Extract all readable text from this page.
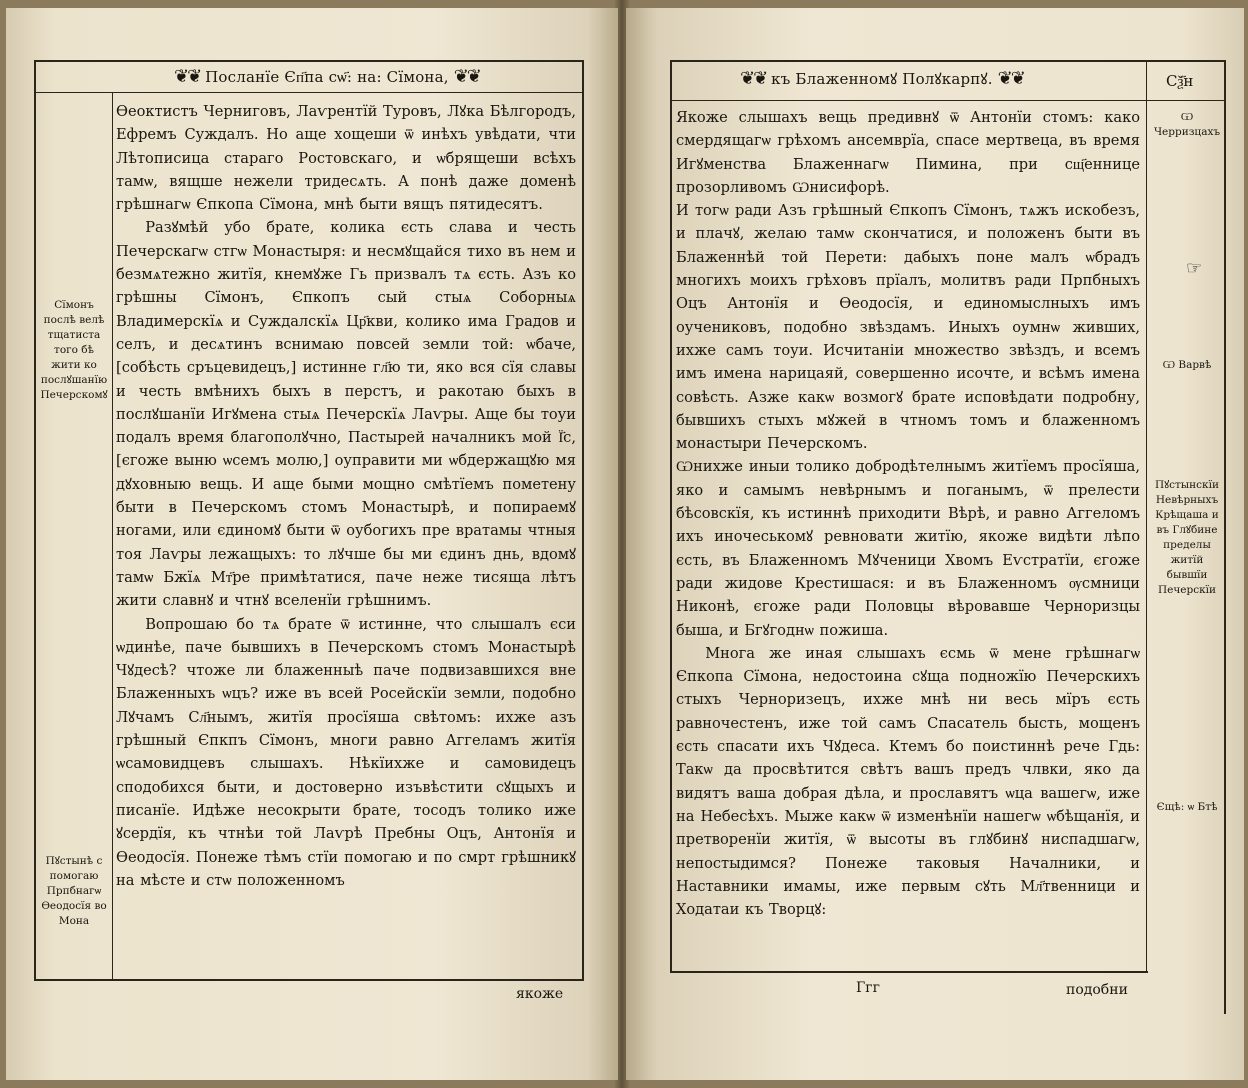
❦❦ Посланїе Єп҃па сѡ҃: на: Сїмона, ❦❦

Ѳеоктистъ Черниговъ, Лаѵрентїй Туровъ, Лꙋка Бѣлгородъ, Ефремъ Суждалъ. Но аще хощеши ѿ инѣхъ увѣдати, чти Лѣтописица стараго Ростовскаго, и ѡбрящеши всѣхъ тамѡ, вящше нежели тридесѧть. А понѣ даже доменѣ грѣшнагѡ Єпкопа Сїмона, мнѣ быти вящъ пятидесятъ.

Разꙋмѣй убо брате, колика єсть слава и честь Печерскагѡ стгѡ Монастыря: и несмꙋщайся тихо въ нем и безмѧтежно житїя, кнемꙋже Гь призвалъ тѧ єсть. Азъ ко грѣшны Сїмонъ, Єпкопъ сый стыѧ Соборныѧ Владимерскїѧ и Суждалскїѧ Цр҃кви, колико има Градов и селъ, и десѧтинъ вснимаю повсей земли той: ѡбаче, [собѣсть сръцевидецъ,] истинне гл҃ю ти, яко вся сїя славы и честь вмѣнихъ быхъ в перстъ, и ракотаю быхъ в послꙋшанїи Игꙋмена стыѧ Печерскїѧ Лаѵры. Аще бы тоуи подалъ время благополꙋчно, Пастырей началникъ мой Ї҃с, [єгоже выню ѡсемъ молю,] оуправити ми ѡбдержащꙋю мя дꙋховныю вещь. И аще быми мощно смѣтїемъ пометену быти в Печерскомъ стомъ Монастырѣ, и попираемꙋ ногами, или єдиномꙋ быти ѿ оубогихъ пре вратамы чтныя тоя Лаѵры лежащыхъ: то лꙋчше бы ми єдинъ днь, вдомꙋ тамѡ Бжїѧ Мт҃ре примѣтатися, паче неже тисяща лѣтъ жити славнꙋ и чтнꙋ вселенїи грѣшнимъ.

Вопрошаю бо тѧ брате ѿ истинне, что слышалъ єси ѡдинѣе, паче бывшихъ в Печерскомъ стомъ Монастырѣ Чꙋдесѣ? чтоже ли блаженныѣ паче подвизавшихся вне Блаженныхъ ѡцъ? иже въ всей Росейскїи земли, подобно Лꙋчамъ Сл҃нымъ, житїя просїяша свѣтомъ: ихже азъ грѣшный Єпкпъ Сїмонъ, многи равно Аггеламъ житїя ѡсамовидцевъ слышахъ. Нѣкїихже и самовидецъ сподобихся быти, и достоверно изъвѣстити сꙋщыхъ и писанїе. Идѣже несокрыти брате, тосодъ толико иже ꙋсердїя, къ чтнѣи той Лаѵрѣ Пребны Оцъ, Антонїя и Ѳеодосїя. Понеже тѣмъ стїи помогаю и по смрт грѣшникꙋ на мѣсте и стѡ положенномъ

Сїмонъ послѣ велѣ тщатиста того бѣ жити ко послꙋшанїю Печерскомꙋ
Пꙋстынѣ с помогаю Прпбнагѡ Ѳеодосїя во Мона
якоже
❦❦ къ Блаженномꙋ Полꙋкарпꙋ. ❦❦	Сѯ҃н

Якоже слышахъ вещь предивнꙋ ѿ Антонїи стомъ: како смердящагѡ грѣхомъ ансемврїа, спасе мертвеца, въ время Игꙋменства Блаженнагѡ Пимина, при сщ҃еннице прозорливомъ Ѡнисифорѣ.

И тогѡ ради Азъ грѣшный Єпкопъ Сїмонъ, тѧжъ искобезъ, и плачꙋ, желаю тамѡ скончатися, и положенъ быти въ Блаженнѣй той Перети: дабыхъ поне малъ ѡбрадъ многихъ моихъ грѣховъ прїалъ, молитвъ ради Прпбныхъ Оцъ Антонїя и Ѳеодосїя, и единомыслныхъ имъ оучениковъ, подобно звѣздамъ. Иныхъ оумнѡ живших, ихже самъ тоуи. Исчитаніи множество звѣздъ, и всемъ имъ имена нарицаяй, совершенно исочте, и всѣмъ имена совѣсть. Азже какѡ возмогꙋ брате исповѣдати подробну, бывшихъ стыхъ мꙋжей в чтномъ томъ и блаженномъ монастыри Печерскомъ.

Ѡнихже иныи толико добродѣтелнымъ житїемъ просїяша, яко и самымъ невѣрнымъ и поганымъ, ѿ прелести бѣсовскїя, къ истиннѣ приходити Вѣрѣ, и равно Аггеломъ ихъ иночеськомꙋ ревновати житїю, якоже видѣти лѣпо єсть, въ Блаженномъ Мꙋченици Хвомъ Еѵстратїи, єгоже ради жидове Крестишася: и въ Блаженномъ ѹсмници Никонѣ, єгоже ради Половцы вѣровавше Черноризцы быша, и Бгꙋгоднѡ пожиша.

Многа же иная слышахъ єсмь ѿ мене грѣшнагѡ Єпкопа Сїмона, недостоина сꙋща подножїю Печерскихъ стыхъ Черноризецъ, ихже мнѣ ни весь мїръ єсть равночестенъ, иже той самъ Спасатель бысть, мощенъ єсть спасати ихъ Чꙋдеса. Ктемъ бо поистиннѣ рече Гдь: Такѡ да просвѣтится свѣтъ вашъ предъ члвки, яко да видятъ ваша добрая дѣла, и прославятъ ѡца вашегѡ, иже на Небесѣхъ. Мыже какѡ ѿ изменѣнїи нашегѡ ѡбѣщанїя, и претворенїи житїя, ѿ высоты въ глꙋбинꙋ ниспадшагѡ, непостыдимся? Понеже таковыя Началники, и Наставники имамы, иже первым сꙋть Мл҃твенници и Ходатаи къ Творцꙋ:

Ѡ Черризцахъ
☞
Ѡ Варвѣ
Пꙋстынскїи Невѣрныхъ Крѣщаша и въ Глꙋбине пределы житїй бывшїи Печерскїи
Єщѣ: ѡ Бтѣ
Ггг	подобни
